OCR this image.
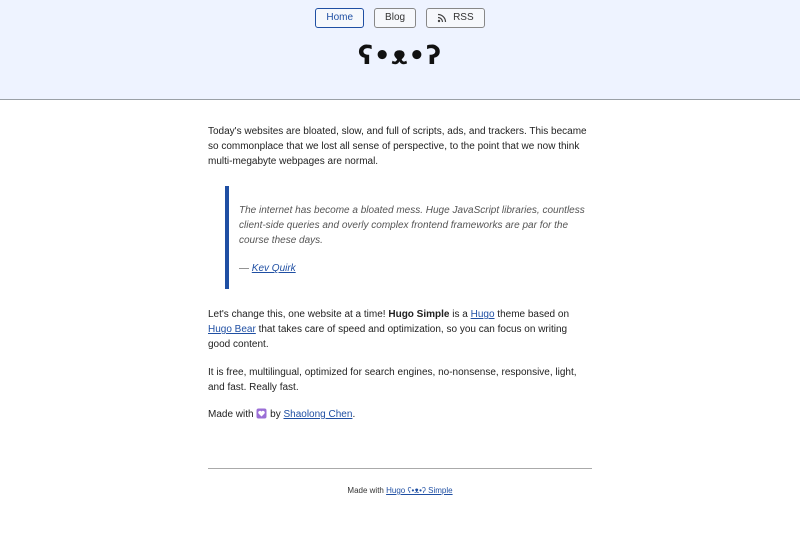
Home	Blog	RSS
ʕ•ᴥ•ʔ

Today's websites are bloated, slow, and full of scripts, ads, and trackers. This became so commonplace that we lost all sense of perspective, to the point that we now think multi-megabyte webpages are normal.

The internet has become a bloated mess. Huge JavaScript libraries, countless client-side queries and overly complex frontend frameworks are par for the course these days.

— Kev Quirk

Let's change this, one website at a time! Hugo Simple is a Hugo theme based on Hugo Bear that takes care of speed and optimization, so you can focus on writing good content.

It is free, multilingual, optimized for search engines, no-nonsense, responsive, light, and fast. Really fast.

Made with  by Shaolong Chen.

Made with Hugo ʕ•ᴥ•ʔ Simple
